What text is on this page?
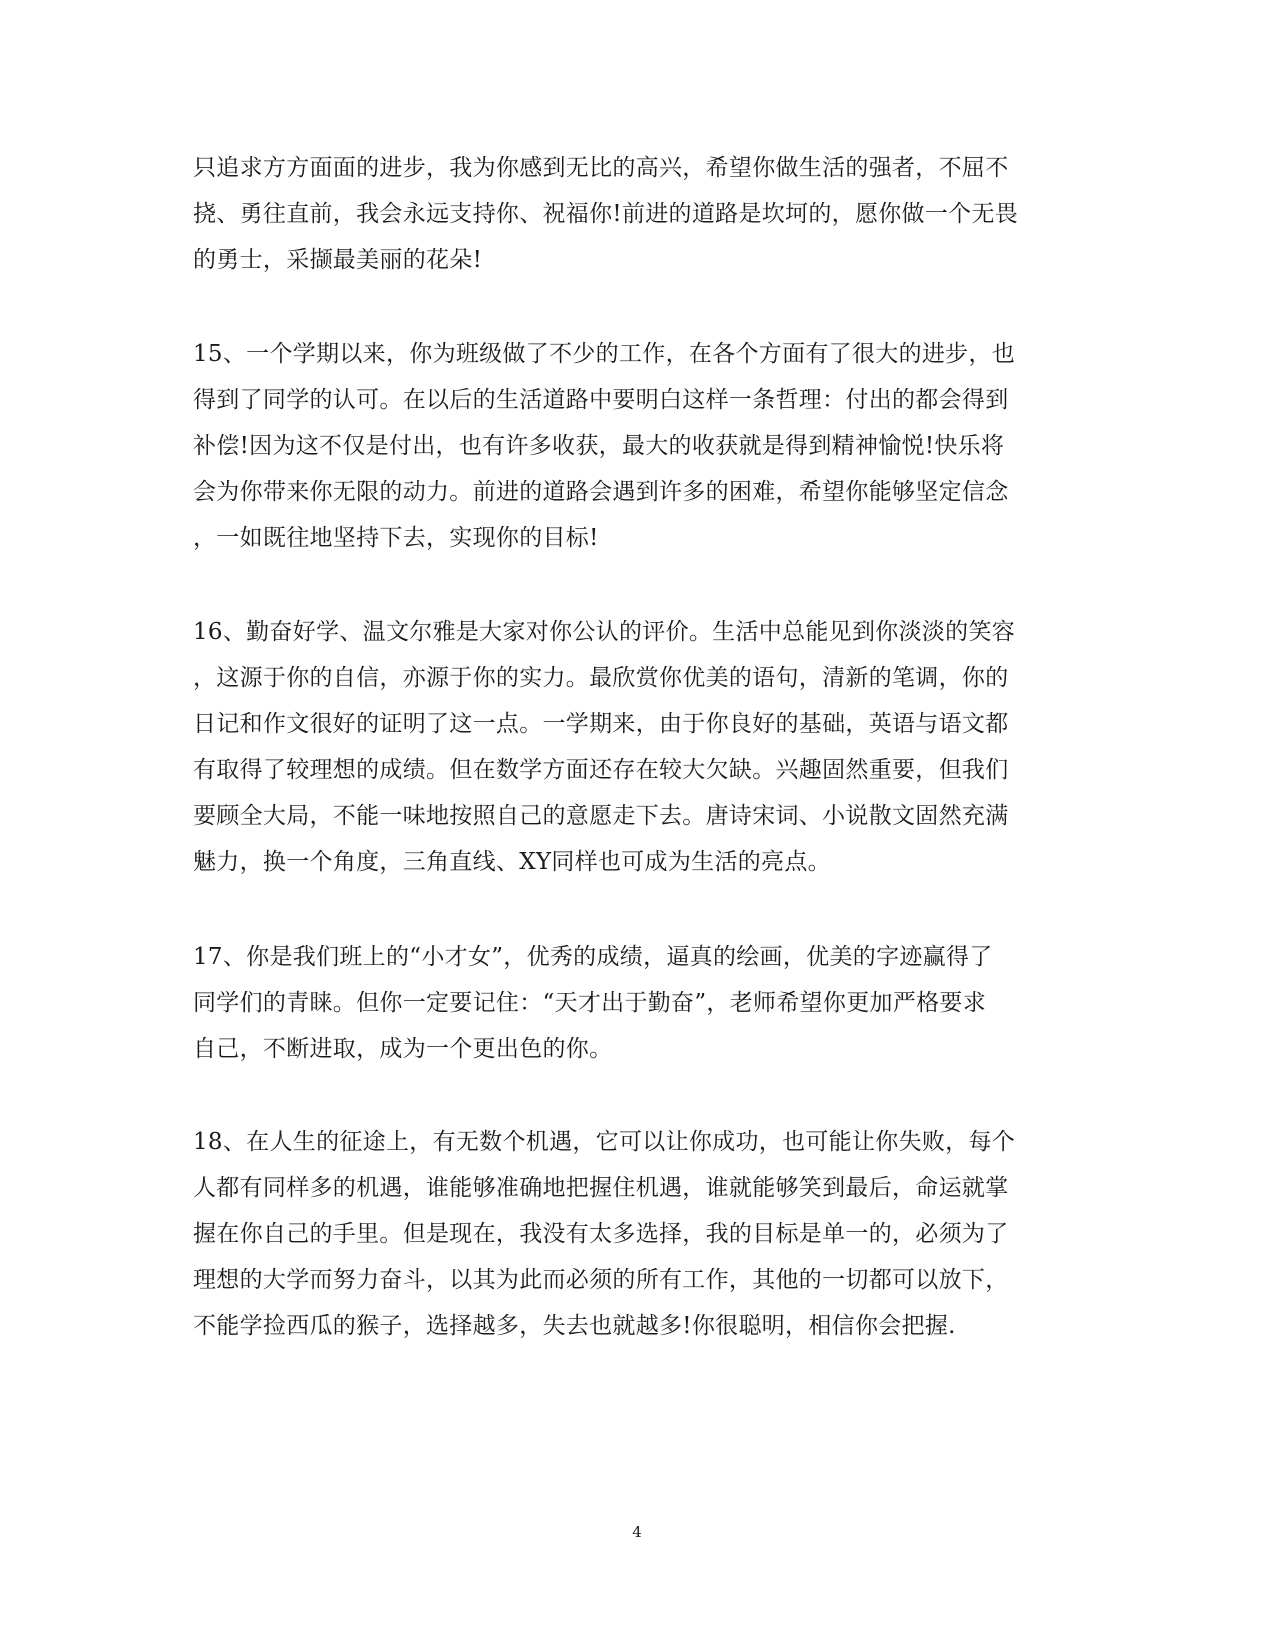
只追求方方面面的进步，我为你感到无比的高兴，希望你做生活的强者，不屈不
挠、勇往直前，我会永远支持你、祝福你!前进的道路是坎坷的，愿你做一个无畏
的勇士，采撷最美丽的花朵!
15、一个学期以来，你为班级做了不少的工作，在各个方面有了很大的进步，也
得到了同学的认可。在以后的生活道路中要明白这样一条哲理：付出的都会得到
补偿!因为这不仅是付出，也有许多收获，最大的收获就是得到精神愉悦!快乐将
会为你带来你无限的动力。前进的道路会遇到许多的困难，希望你能够坚定信念
，一如既往地坚持下去，实现你的目标!
16、勤奋好学、温文尔雅是大家对你公认的评价。生活中总能见到你淡淡的笑容
，这源于你的自信，亦源于你的实力。最欣赏你优美的语句，清新的笔调，你的
日记和作文很好的证明了这一点。一学期来，由于你良好的基础，英语与语文都
有取得了较理想的成绩。但在数学方面还存在较大欠缺。兴趣固然重要，但我们
要顾全大局，不能一味地按照自己的意愿走下去。唐诗宋词、小说散文固然充满
魅力，换一个角度，三角直线、XY同样也可成为生活的亮点。
17、你是我们班上的“小才女”，优秀的成绩，逼真的绘画，优美的字迹赢得了
同学们的青睐。但你一定要记住：“天才出于勤奋”，老师希望你更加严格要求
自己，不断进取，成为一个更出色的你。
18、在人生的征途上，有无数个机遇，它可以让你成功，也可能让你失败，每个
人都有同样多的机遇，谁能够准确地把握住机遇，谁就能够笑到最后，命运就掌
握在你自己的手里。但是现在，我没有太多选择，我的目标是单一的，必须为了
理想的大学而努力奋斗，以其为此而必须的所有工作，其他的一切都可以放下，
不能学捡西瓜的猴子，选择越多，失去也就越多!你很聪明，相信你会把握.
4
